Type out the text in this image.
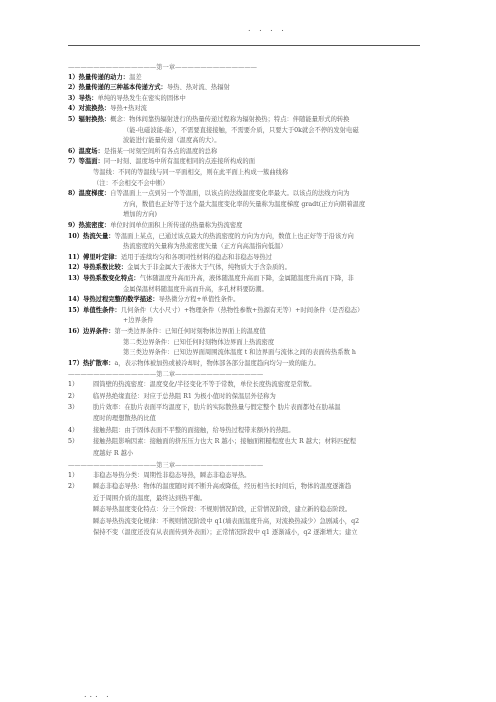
. . . .
——————————————第一章—————————————
1）热量传递的动力：温差
2）热量传递的三种基本传递方式：导热、热对流、热辐射
3）导热：单纯的导热发生在密实的固体中
4）对流换热：导热+热对流
5）辐射换热：概念：物体间靠热辐射进行的热量传递过程称为辐射换热；特点：伴随能量形式的转换
（能-电磁波能-能），不需要直接接触，不需要介质，只要大于0k就会不停的发射电磁
波能进行能量传递（温度高的大）。
6）温度场：是指某一时刻空间所有各点的温度的总称
7）等温面：同一时刻、温度场中所有温度相同的点连接所构成的面
等温线：不同的等温线与同一平面相交，则在此平面上构成一簇曲线称
（注：不会相交不会中断）
8）温度梯度：自等温面上一点到另一个等温面，以该点的法线温度变化率最大。以该点的法线方向为
方向，数值也正好等于这个最大温度变化率的矢量称为温度梯度 gradt(正方向朝着温度
增加的方向)
9）热流密度：单位时间单位面积上所传递的热量称为热流密度
10）热流矢量：等温面上某点，已通过该点最大的热流密度的方向为方向，数值上也正好等于沿该方向
热流密度的矢量称为热流密度矢量（正方向高温指向低温）
11）傅里叶定律：适用于连续均匀和各项同性材料的稳态和非稳态导热过
12）导热系数比较：金属大于非金属大于液体大于气体，纯物质大于含杂质的。
13）导热系数变化特点：气体随温度升高而升高，液体随温度升高而下降，金属随温度升高而下降，非
金属保温材料随温度升高而升高，多孔材料要防潮。
14）导热过程完整的数学描述：导热微分方程+单值性条件。
15）单值性条件：几何条件（大小尺寸）+物理条件（热物性参数+热源有无等）+时间条件（是否稳态）
+边界条件
16）边界条件：第一类边界条件：已知任何时刻物体边界面上的温度值
第二类边界条件：已知任何时刻物体边界面上热流密度
第三类边界条件：已知边界面周围流体温度 t 和边界面与流体之间的表面传热系数 h
17）热扩散率：a，表示物体被加热或被冷却时，物体部各部分温度趋向均匀一致的能力。
——————————————第二章——————————————
1） 圆筒壁的热流密度：温度变化/半径变化不等于常数，单位长度热流密度是常数。
2） 临界热绝缘直径：对应于总热阻 R1 为极小值时的保温层外径称为
3） 肋片效率：在肋片表面平均温度下，肋片的实际散热量与假定整个 肋片表面都处在肋基温
度时的理想散热的比值
4） 接触热阻：由于固体表面不平整的面接触，给导热过程带来额外的热阻。
5） 接触热阻影响因素：接触面的挤压压力也大 R 越小；接触面粗糙程度也大 R 越大；材料匹配程
度越好 R 越小
——————————————第三章——————————————
1） 非稳态导热分类：周期性非稳态导热，瞬态非稳态导热。
2） 瞬态非稳态导热：物体的温度随时间不断升高或降低，经历相当长时间后，物体的温度逐渐趋
近于周围介质的温度，最终达到热平衡。
瞬态导热温度变化特点：分三个阶段：不规则情况阶段，正常情况阶段，建立新的稳态阶段。
瞬态导热热流变化规律：不规则情况阶段中 q1(墙表面温度升高，对流换热减少）急剧减小，q2
保持不变（温度还没有从表面传到外表面）；正常情况阶段中 q1 逐渐减小，q2 逐渐增大；建立
... .
